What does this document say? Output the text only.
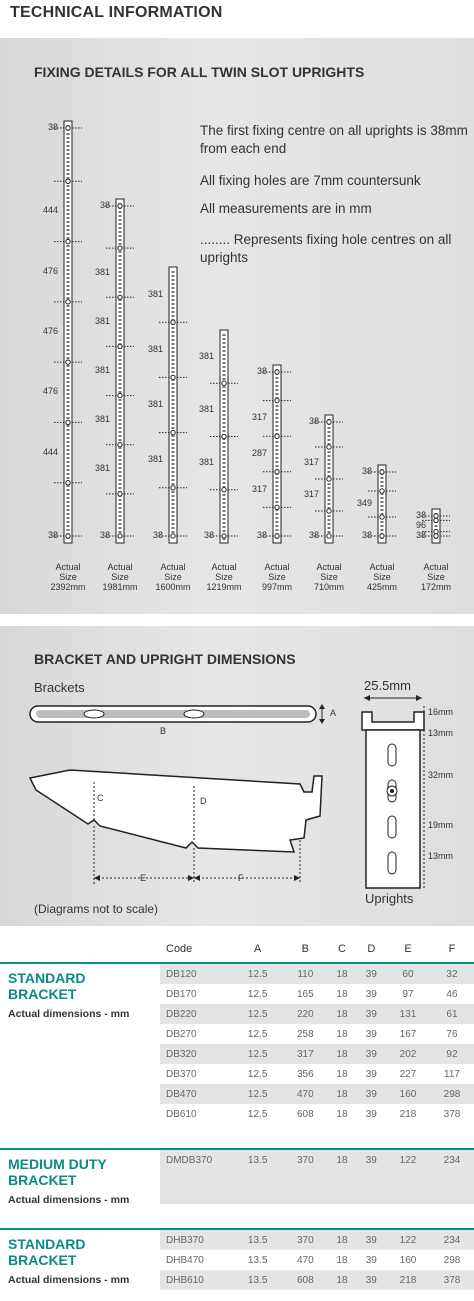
TECHNICAL INFORMATION
FIXING DETAILS FOR ALL TWIN SLOT UPRIGHTS
The first fixing centre on all uprights is 38mm from each end
All fixing holes are 7mm countersunk
All measurements are in mm
........ Represents fixing hole centres on all uprights
38
444
476
476
476
444
38
Actual
Size
2392mm
38
381
381
381
381
381
38
Actual
Size
1981mm
381
381
381
381
38
Actual
Size
1600mm
381
381
381
38
Actual
Size
1219mm
38
317
287
317
38
Actual
Size
997mm
38
317
317
38
Actual
Size
710mm
38
349
38
Actual
Size
425mm
38
96
38
Actual
Size
172mm
BRACKET AND UPRIGHT DIMENSIONS
Brackets	25.5mm
Uprights
(Diagrams not to scale)
A
B
C	D
E	F
16mm
13mm
32mm
19mm
13mm
Code	A	B	C	D	E	F
DB120	12.5	110	18	39	60	32
DB170	12.5	165	18	39	97	46
DB220	12.5	220	18	39	131	61
DB270	12.5	258	18	39	167	76
DB320	12.5	317	18	39	202	92
DB370	12.5	356	18	39	227	117
DB470	12.5	470	18	39	160	298
DB610	12.5	608	18	39	218	378

DMDB370	13.5	370	18	39	122	234

DHB370	13.5	370	18	39	122	234
DHB470	13.5	470	18	39	160	298
DHB610	13.5	608	18	39	218	378
STANDARD
BRACKET
Actual dimensions - mm
MEDIUM DUTY
BRACKET
Actual dimensions - mm
STANDARD
BRACKET
Actual dimensions - mm
